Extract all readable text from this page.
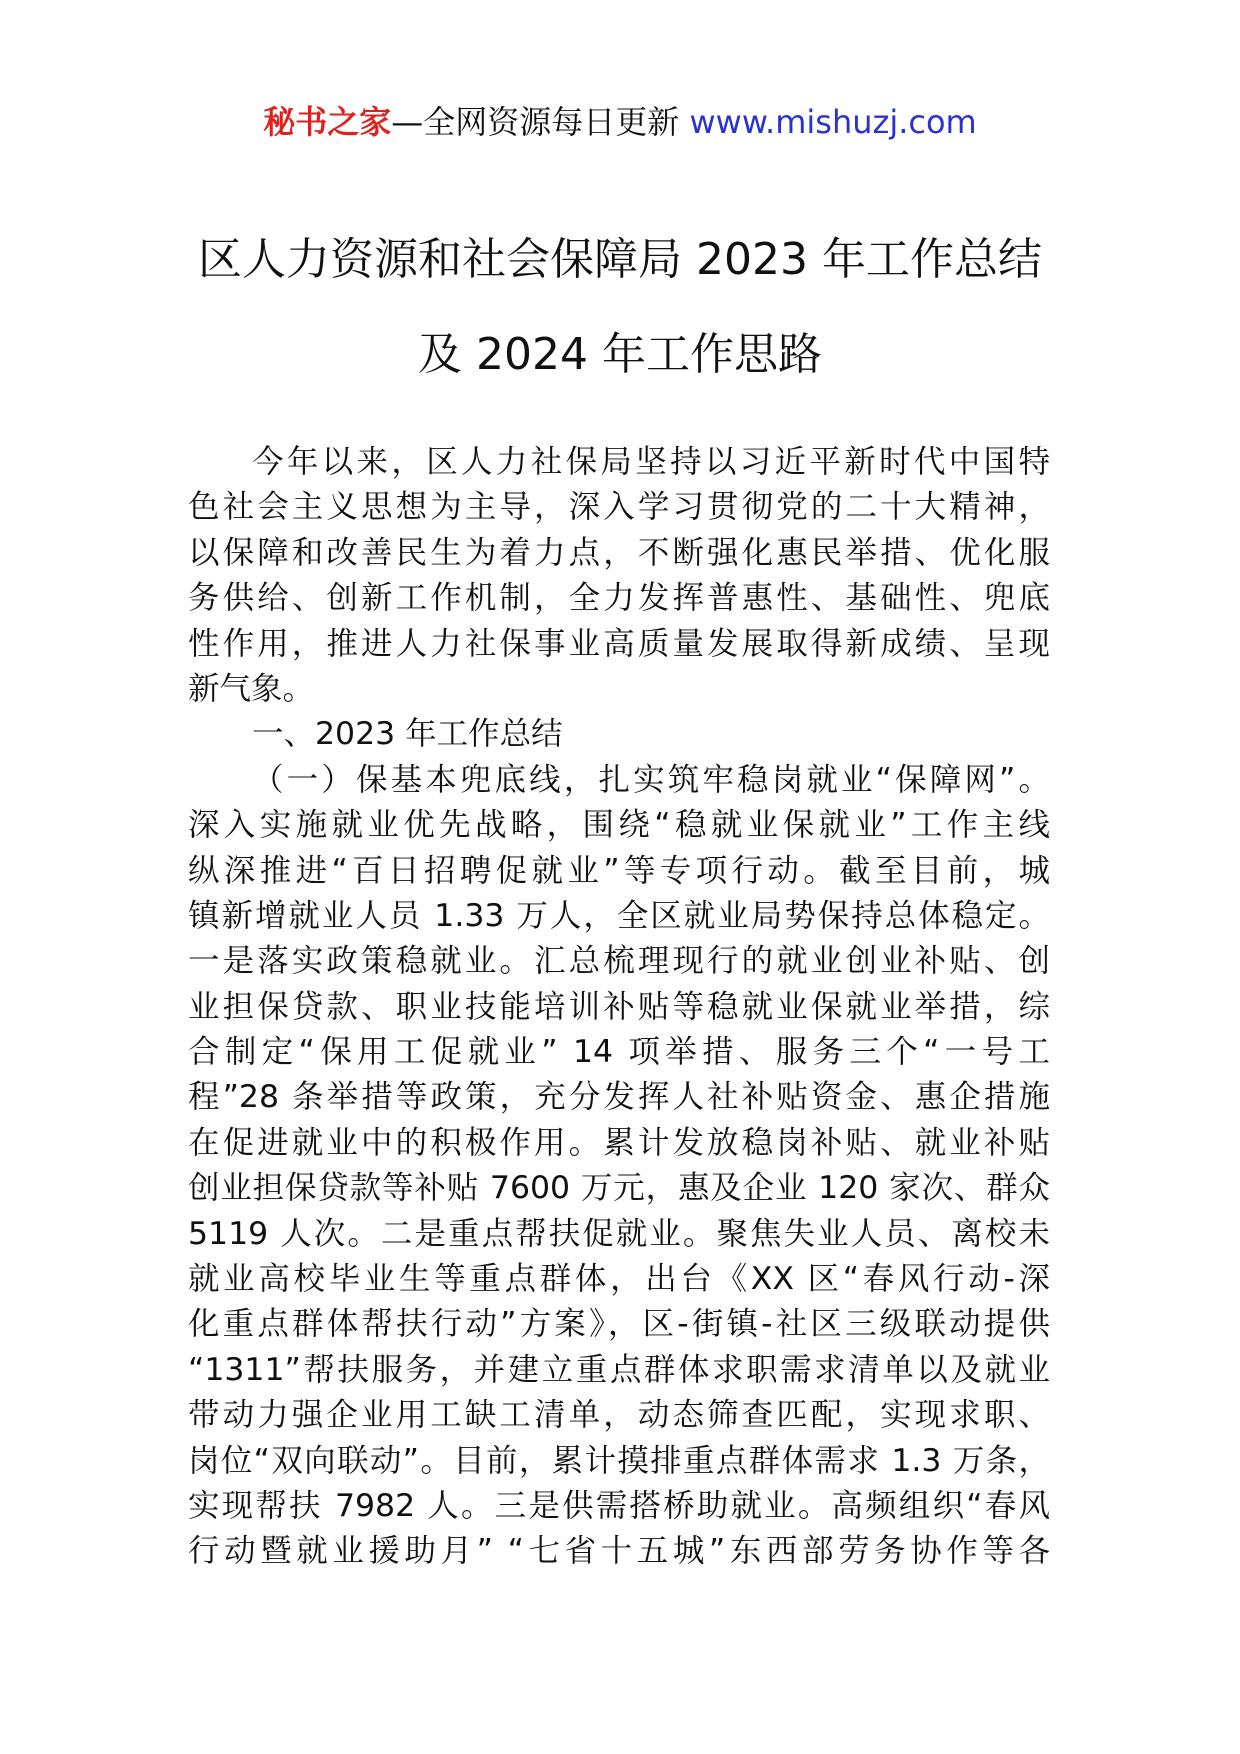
秘书之家—全网资源每日更新 www.mishuzj.com
区人力资源和社会保障局 2023 年工作总结
及 2024 年工作思路
今年以来，区人力社保局坚持以习近平新时代中国特
色社会主义思想为主导，深入学习贯彻党的二十大精神，
以保障和改善民生为着力点，不断强化惠民举措、优化服
务供给、创新工作机制，全力发挥普惠性、基础性、兜底
性作用，推进人力社保事业高质量发展取得新成绩、呈现
新气象。
一、2023 年工作总结
（一）保基本兜底线，扎实筑牢稳岗就业“保障网”。
深入实施就业优先战略，围绕“稳就业保就业”工作主线
纵深推进“百日招聘促就业”等专项行动。截至目前，城
镇新增就业人员 1.33 万人，全区就业局势保持总体稳定。
一是落实政策稳就业。汇总梳理现行的就业创业补贴、创
业担保贷款、职业技能培训补贴等稳就业保就业举措，综
合制定“保用工促就业” 14 项举措、服务三个“一号工
程”28 条举措等政策，充分发挥人社补贴资金、惠企措施
在促进就业中的积极作用。累计发放稳岗补贴、就业补贴
创业担保贷款等补贴 7600 万元，惠及企业 120 家次、群众
5119 人次。二是重点帮扶促就业。聚焦失业人员、离校未
就业高校毕业生等重点群体，出台《XX 区“春风行动-深
化重点群体帮扶行动”方案》，区-街镇-社区三级联动提供
“1311”帮扶服务，并建立重点群体求职需求清单以及就业
带动力强企业用工缺工清单，动态筛查匹配，实现求职、
岗位“双向联动”。目前，累计摸排重点群体需求 1.3 万条，
实现帮扶 7982 人。三是供需搭桥助就业。高频组织“春风
行动暨就业援助月” “七省十五城”东西部劳务协作等各
